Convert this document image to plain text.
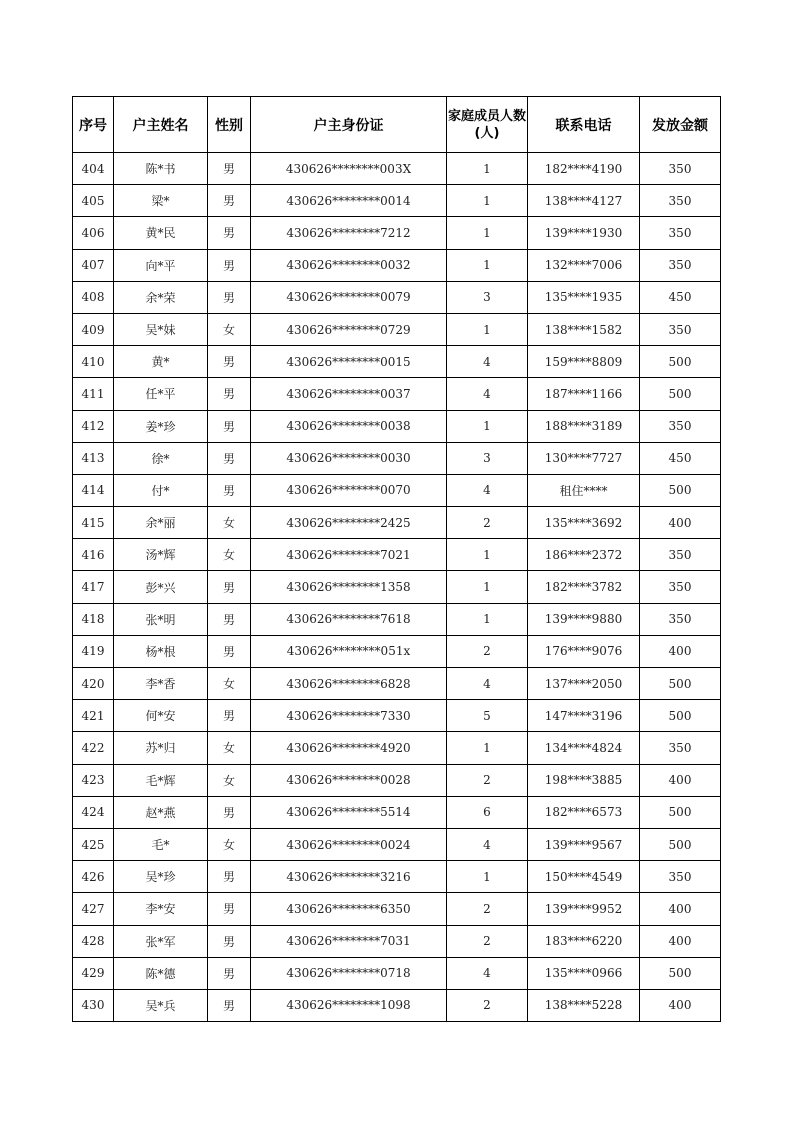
序号	户主姓名	性别	户主身份证	家庭成员人数(人)	联系电话	发放金额
404	陈*书	男	430626********003X	1	182****4190	350
405	梁*	男	430626********0014	1	138****4127	350
406	黄*民	男	430626********7212	1	139****1930	350
407	向*平	男	430626********0032	1	132****7006	350
408	余*荣	男	430626********0079	3	135****1935	450
409	吴*妹	女	430626********0729	1	138****1582	350
410	黄*	男	430626********0015	4	159****8809	500
411	任*平	男	430626********0037	4	187****1166	500
412	姜*珍	男	430626********0038	1	188****3189	350
413	徐*	男	430626********0030	3	130****7727	450
414	付*	男	430626********0070	4	租住****	500
415	余*丽	女	430626********2425	2	135****3692	400
416	汤*辉	女	430626********7021	1	186****2372	350
417	彭*兴	男	430626********1358	1	182****3782	350
418	张*明	男	430626********7618	1	139****9880	350
419	杨*根	男	430626********051x	2	176****9076	400
420	李*香	女	430626********6828	4	137****2050	500
421	何*安	男	430626********7330	5	147****3196	500
422	苏*归	女	430626********4920	1	134****4824	350
423	毛*辉	女	430626********0028	2	198****3885	400
424	赵*燕	男	430626********5514	6	182****6573	500
425	毛*	女	430626********0024	4	139****9567	500
426	吴*珍	男	430626********3216	1	150****4549	350
427	李*安	男	430626********6350	2	139****9952	400
428	张*军	男	430626********7031	2	183****6220	400
429	陈*德	男	430626********0718	4	135****0966	500
430	吴*兵	男	430626********1098	2	138****5228	400
